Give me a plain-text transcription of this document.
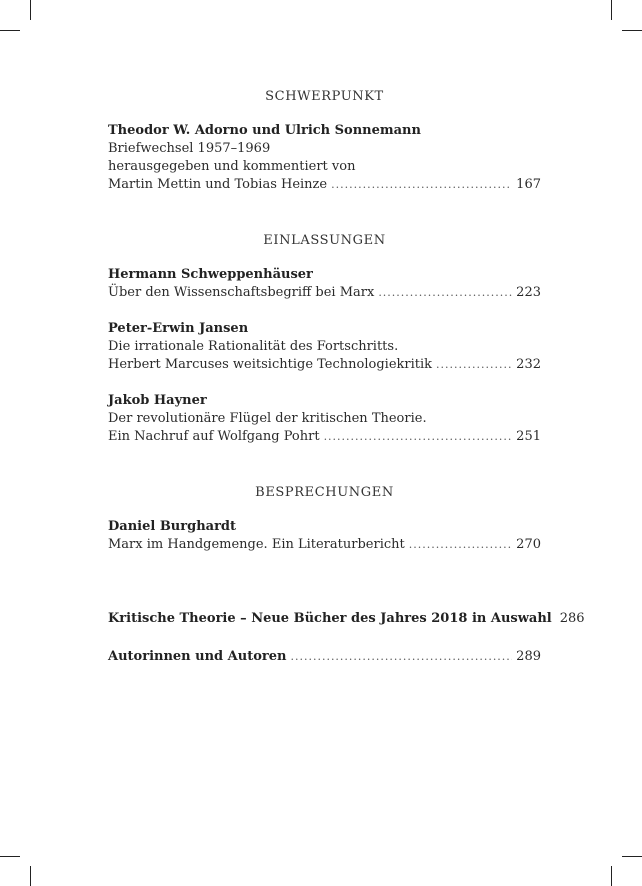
SCHWERPUNKT
Theodor W. Adorno und Ulrich Sonnemann
Briefwechsel 1957–1969
herausgegeben und kommentiert von
Martin Mettin und Tobias Heinze .....	167
EINLASSUNGEN
Hermann Schweppenhäuser
Über den Wissenschaftsbegriff bei Marx .....	223
Peter-Erwin Jansen
Die irrationale Rationalität des Fortschritts.
Herbert Marcuses weitsichtige Technologiekritik .....	232
Jakob Hayner
Der revolutionäre Flügel der kritischen Theorie.
Ein Nachruf auf Wolfgang Pohrt .....	251
BESPRECHUNGEN
Daniel Burghardt
Marx im Handgemenge. Ein Literaturbericht .....	270
Kritische Theorie – Neue Bücher des Jahres 2018 in Auswahl 286
Autorinnen und Autoren .....	289
